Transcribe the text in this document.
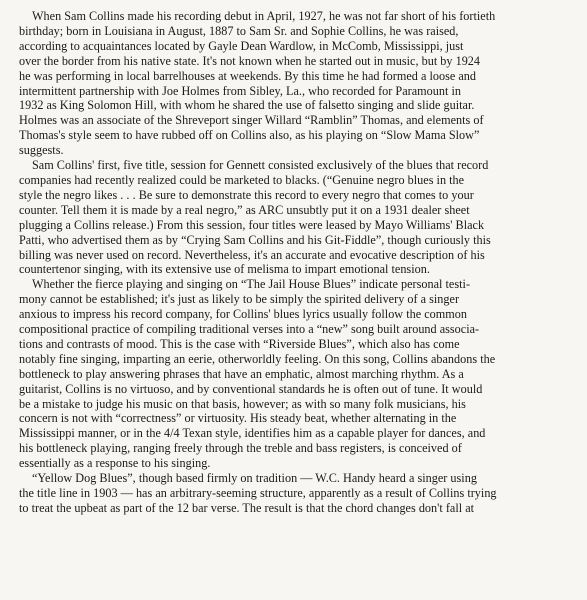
When Sam Collins made his recording debut in April, 1927, he was not far short of his fortieth
birthday; born in Louisiana in August, 1887 to Sam Sr. and Sophie Collins, he was raised,
according to acquaintances located by Gayle Dean Wardlow, in McComb, Mississippi, just
over the border from his native state. It's not known when he started out in music, but by 1924
he was performing in local barrelhouses at weekends. By this time he had formed a loose and
intermittent partnership with Joe Holmes from Sibley, La., who recorded for Paramount in
1932 as King Solomon Hill, with whom he shared the use of falsetto singing and slide guitar.
Holmes was an associate of the Shreveport singer Willard “Ramblin” Thomas, and elements of
Thomas's style seem to have rubbed off on Collins also, as his playing on “Slow Mama Slow”
suggests.

Sam Collins' first, five title, session for Gennett consisted exclusively of the blues that record
companies had recently realized could be marketed to blacks. (“Genuine negro blues in the
style the negro likes . . . Be sure to demonstrate this record to every negro that comes to your
counter. Tell them it is made by a real negro,” as ARC unsubtly put it on a 1931 dealer sheet
plugging a Collins release.) From this session, four titles were leased by Mayo Williams' Black
Patti, who advertised them as by “Crying Sam Collins and his Git-Fiddle”, though curiously this
billing was never used on record. Nevertheless, it's an accurate and evocative description of his
countertenor singing, with its extensive use of melisma to impart emotional tension.

Whether the fierce playing and singing on “The Jail House Blues” indicate personal testi-
mony cannot be established; it's just as likely to be simply the spirited delivery of a singer
anxious to impress his record company, for Collins' blues lyrics usually follow the common
compositional practice of compiling traditional verses into a “new” song built around associa-
tions and contrasts of mood. This is the case with “Riverside Blues”, which also has come
notably fine singing, imparting an eerie, otherworldly feeling. On this song, Collins abandons the
bottleneck to play answering phrases that have an emphatic, almost marching rhythm. As a
guitarist, Collins is no virtuoso, and by conventional standards he is often out of tune. It would
be a mistake to judge his music on that basis, however; as with so many folk musicians, his
concern is not with “correctness” or virtuosity. His steady beat, whether alternating in the
Mississippi manner, or in the 4/4 Texan style, identifies him as a capable player for dances, and
his bottleneck playing, ranging freely through the treble and bass registers, is conceived of
essentially as a response to his singing.

“Yellow Dog Blues”, though based firmly on tradition — W.C. Handy heard a singer using
the title line in 1903 — has an arbitrary-seeming structure, apparently as a result of Collins trying
to treat the upbeat as part of the 12 bar verse. The result is that the chord changes don't fall at
